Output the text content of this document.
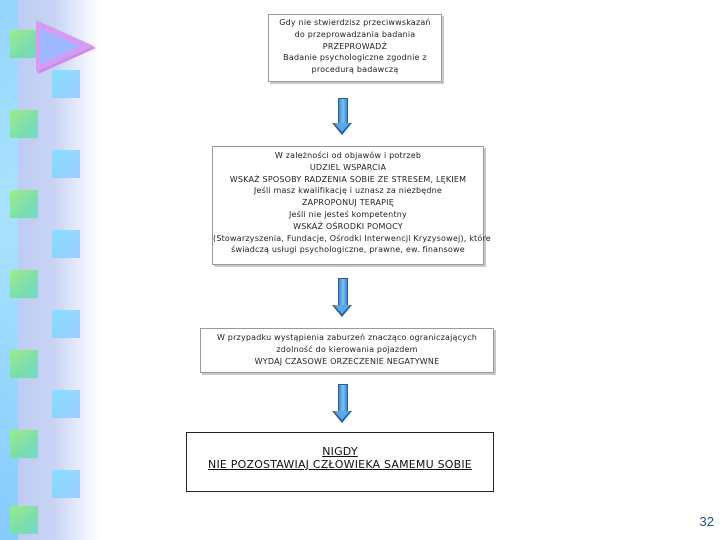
Gdy nie stwierdzisz przeciwwskazań
do przeprowadzania badania
PRZEPROWADŹ
Badanie psychologiczne zgodnie z
procedurą badawczą
W zależności od objawów i potrzeb
UDZIEL WSPARCIA
WSKAŻ SPOSOBY RADZENIA SOBIE ZE STRESEM, LĘKIEM
Jeśli masz kwalifikację i uznasz za niezbędne
ZAPROPONUJ TERAPIĘ
Jeśli nie jesteś kompetentny
WSKAŻ OŚRODKI POMOCY
(Stowarzyszenia, Fundacje, Ośrodki Interwencji Kryzysowej), które
świadczą usługi psychologiczne, prawne, ew. finansowe
W przypadku wystąpienia zaburzeń znacząco ograniczających
zdolność do kierowania pojazdem
WYDAJ CZASOWE ORZECZENIE NEGATYWNE
NIGDY
NIE POZOSTAWIAJ CZŁOWIEKA SAMEMU SOBIE
32
